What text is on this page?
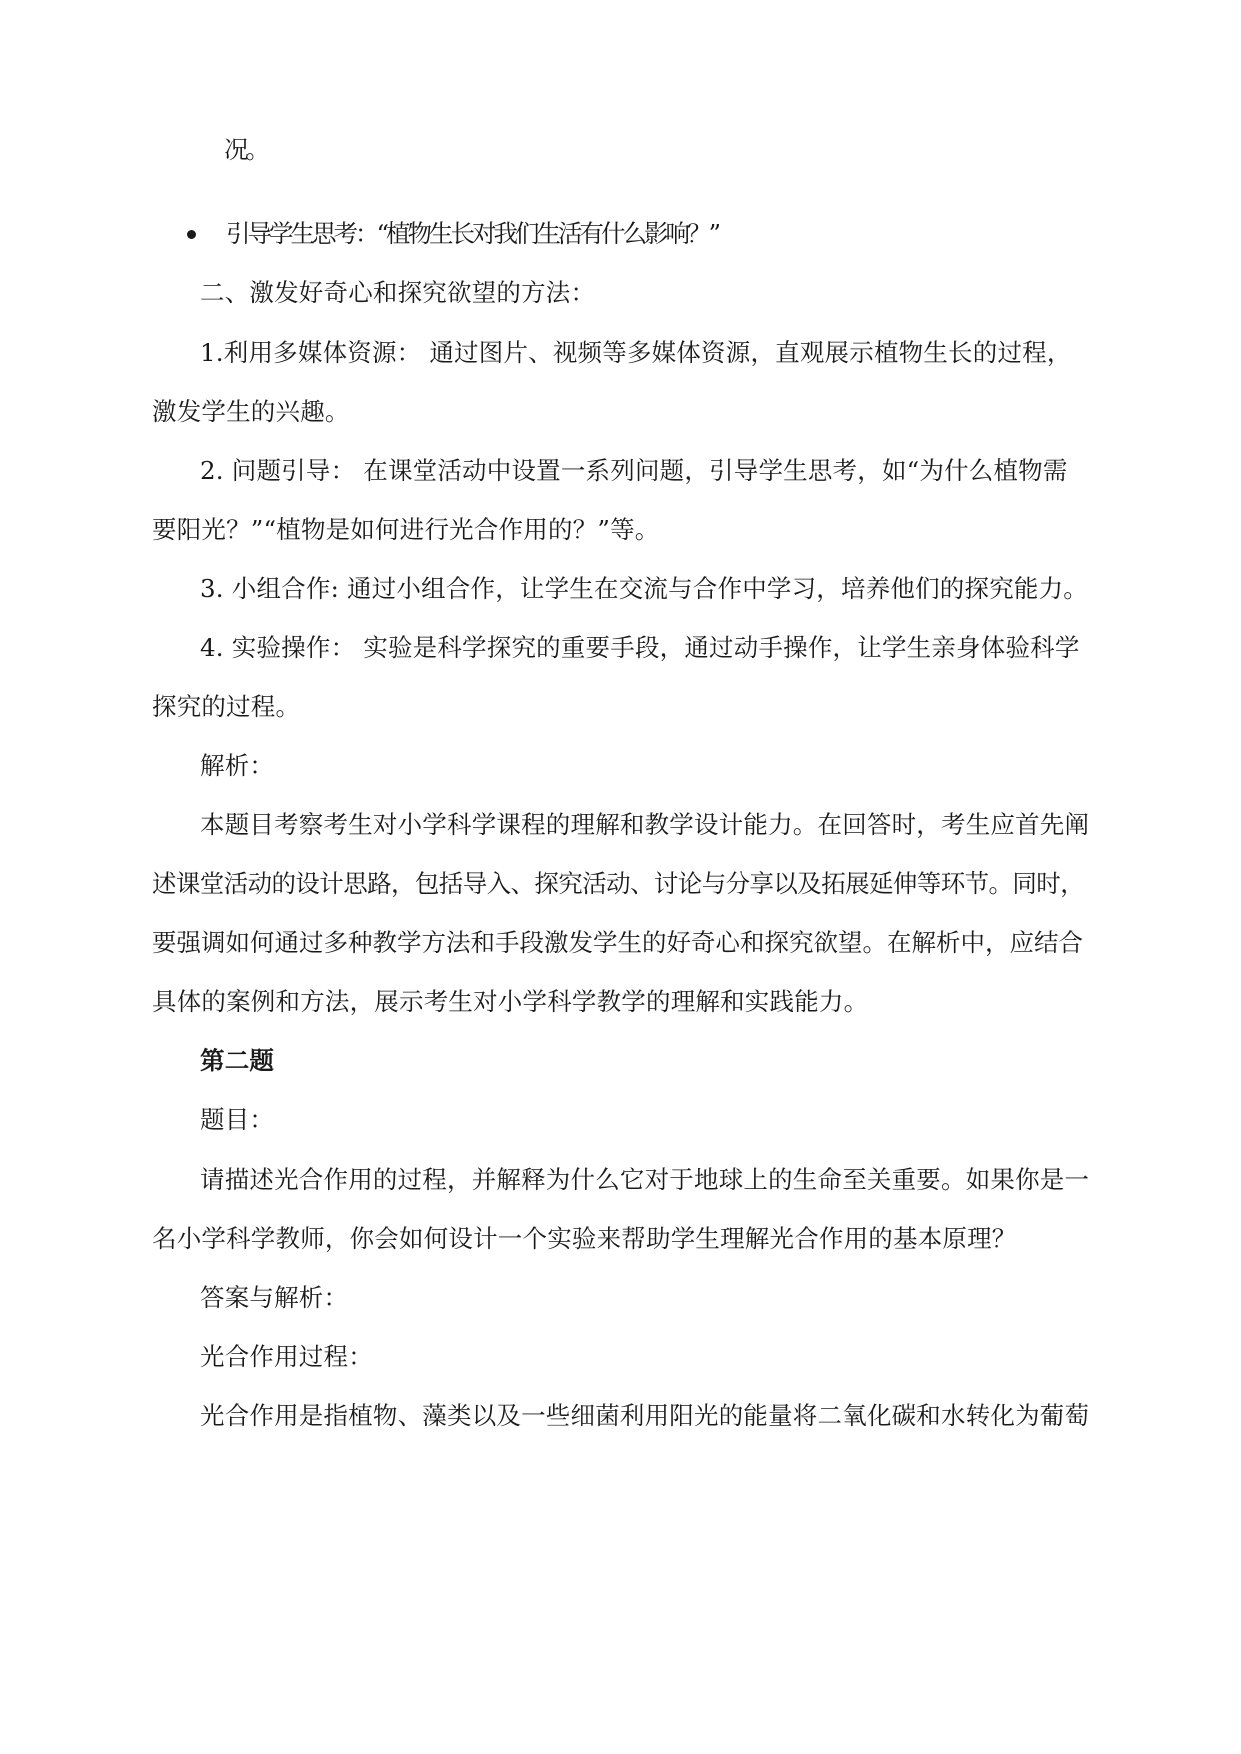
况。
引导学生思考：“植物生长对我们生活有什么影响？”
二、激发好奇心和探究欲望的方法：
1.利用多媒体资源： 通过图片、视频等多媒体资源，直观展示植物生长的过程，
激发学生的兴趣。
2. 问题引导： 在课堂活动中设置一系列问题，引导学生思考，如“为什么植物需
要阳光？”“植物是如何进行光合作用的？”等。
3. 小组合作: 通过小组合作，让学生在交流与合作中学习，培养他们的探究能力。
4. 实验操作： 实验是科学探究的重要手段，通过动手操作，让学生亲身体验科学
探究的过程。
解析：
本题目考察考生对小学科学课程的理解和教学设计能力。在回答时，考生应首先阐
述课堂活动的设计思路，包括导入、探究活动、讨论与分享以及拓展延伸等环节。同时，
要强调如何通过多种教学方法和手段激发学生的好奇心和探究欲望。在解析中，应结合
具体的案例和方法，展示考生对小学科学教学的理解和实践能力。
第二题
题目：
请描述光合作用的过程，并解释为什么它对于地球上的生命至关重要。如果你是一
名小学科学教师，你会如何设计一个实验来帮助学生理解光合作用的基本原理？
答案与解析：
光合作用过程：
光合作用是指植物、藻类以及一些细菌利用阳光的能量将二氧化碳和水转化为葡萄
